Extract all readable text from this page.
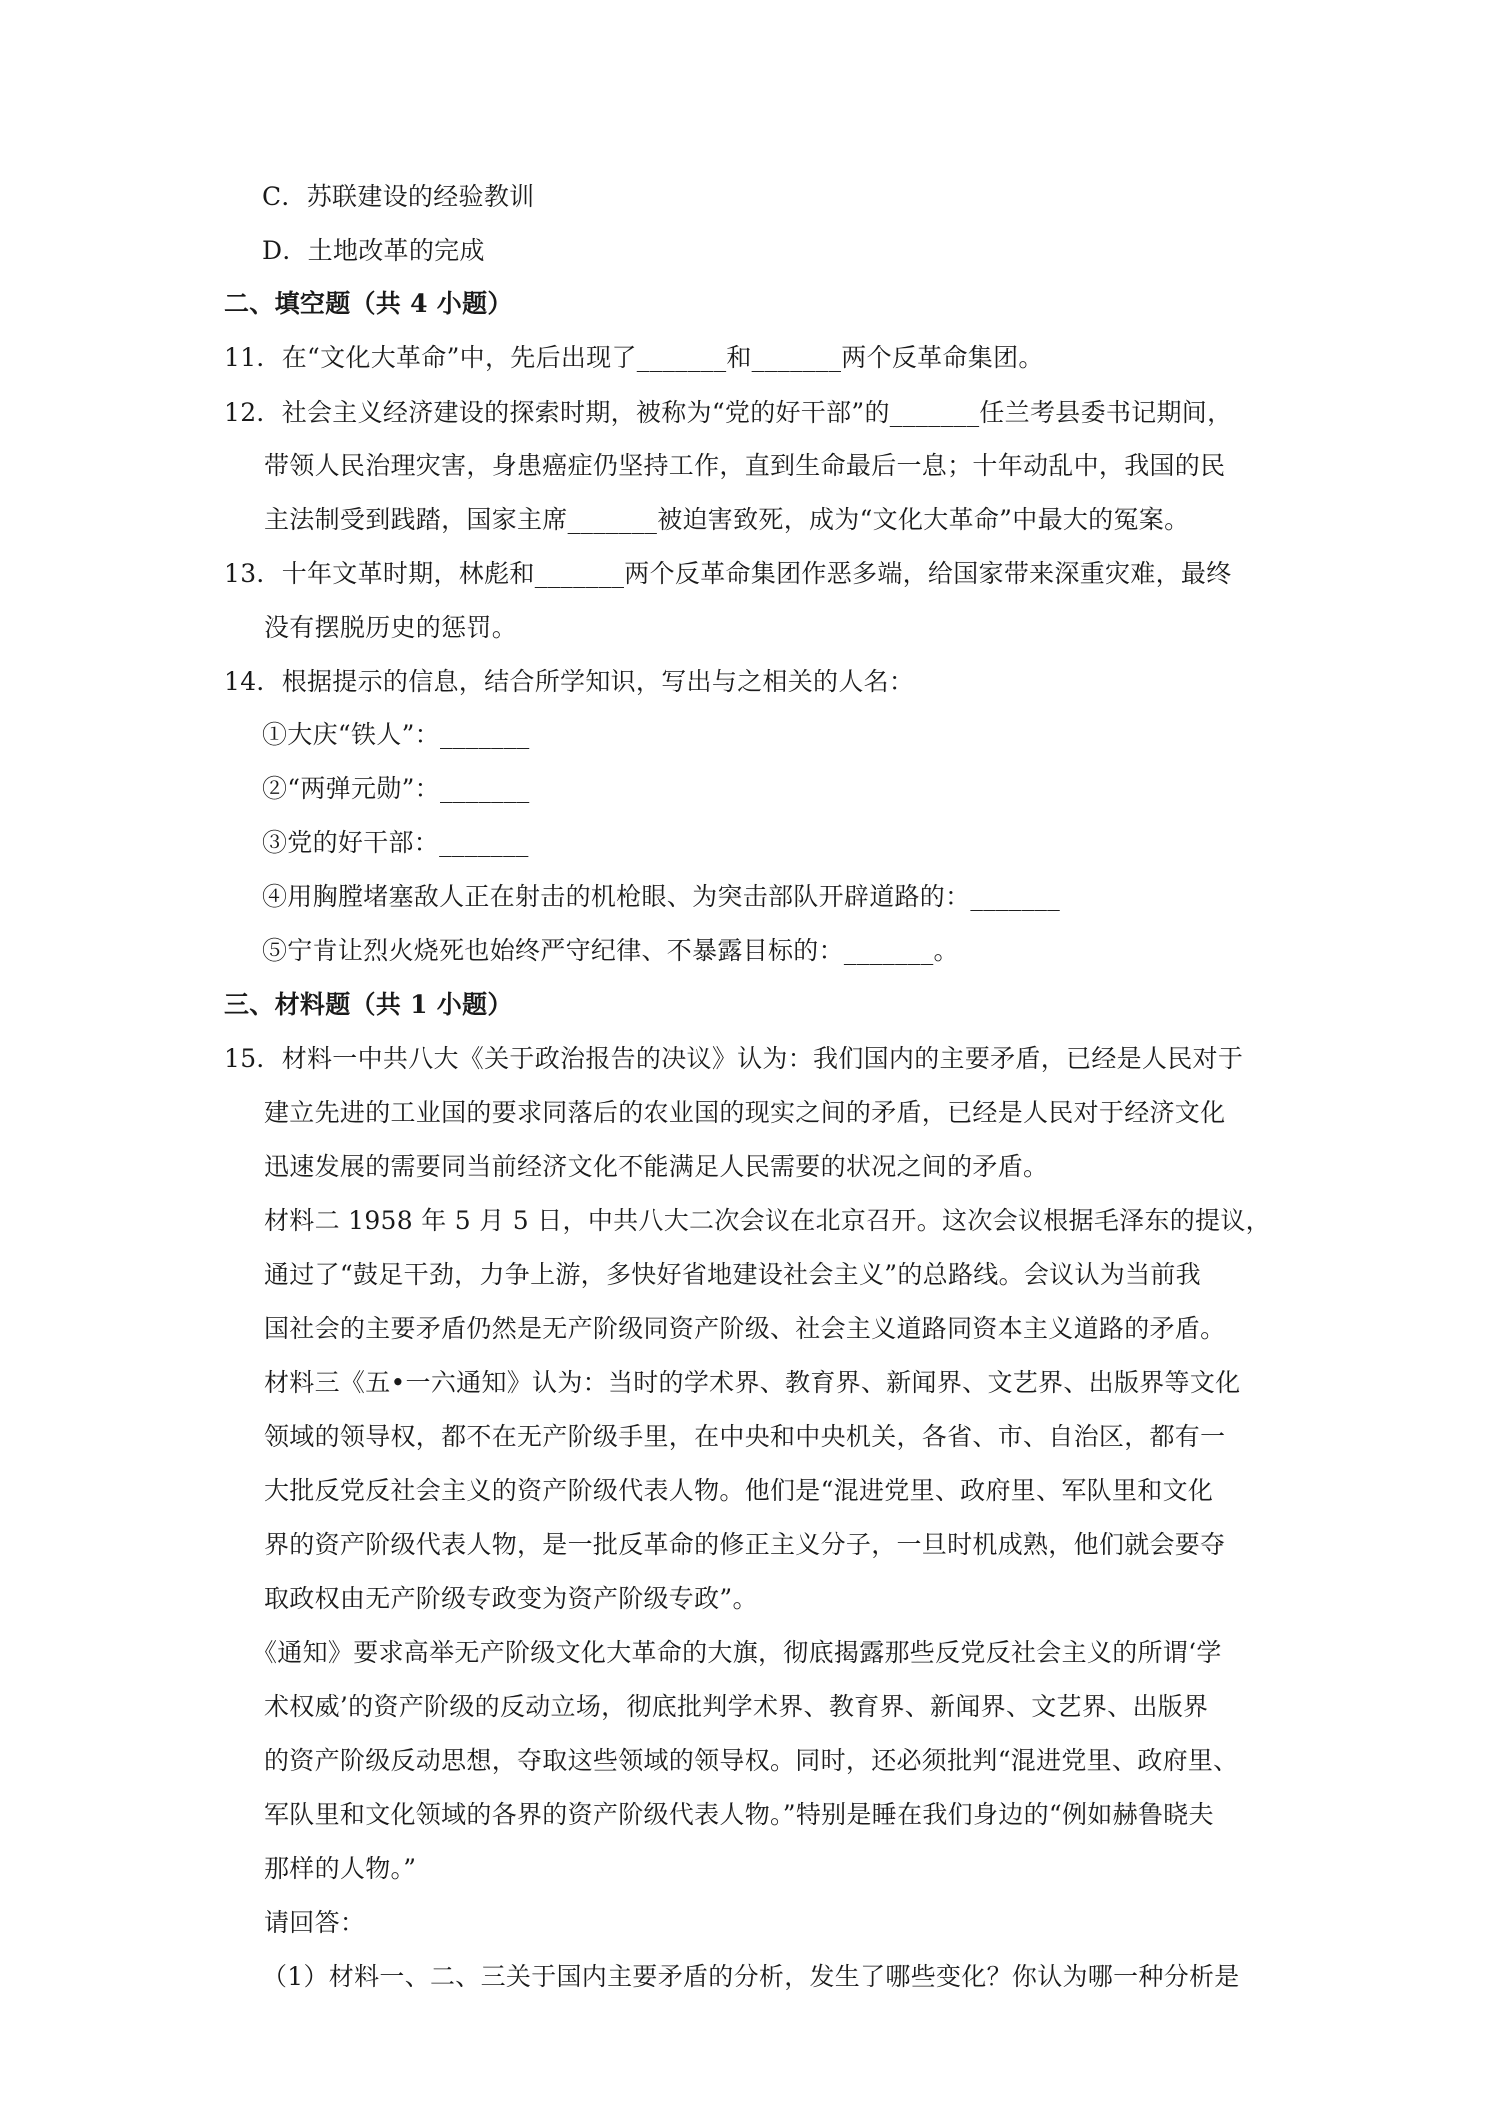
C．苏联建设的经验教训
D．土地改革的完成
二、填空题（共 4 小题）
11．在“文化大革命”中，先后出现了_______和_______两个反革命集团。
12．社会主义经济建设的探索时期，被称为“党的好干部”的_______任兰考县委书记期间，
带领人民治理灾害，身患癌症仍坚持工作，直到生命最后一息；十年动乱中，我国的民
主法制受到践踏，国家主席_______被迫害致死，成为“文化大革命”中最大的冤案。
13．十年文革时期，林彪和_______两个反革命集团作恶多端，给国家带来深重灾难，最终
没有摆脱历史的惩罚。
14．根据提示的信息，结合所学知识，写出与之相关的人名：
①大庆“铁人”：_______
②“两弹元勋”：_______
③党的好干部：_______
④用胸膛堵塞敌人正在射击的机枪眼、为突击部队开辟道路的：_______
⑤宁肯让烈火烧死也始终严守纪律、不暴露目标的：_______。
三、材料题（共 1 小题）
15．材料一中共八大《关于政治报告的决议》认为：我们国内的主要矛盾，已经是人民对于
建立先进的工业国的要求同落后的农业国的现实之间的矛盾，已经是人民对于经济文化
迅速发展的需要同当前经济文化不能满足人民需要的状况之间的矛盾。
材料二 1958 年 5 月 5 日，中共八大二次会议在北京召开。这次会议根据毛泽东的提议，
通过了“鼓足干劲，力争上游，多快好省地建设社会主义”的总路线。会议认为当前我
国社会的主要矛盾仍然是无产阶级同资产阶级、社会主义道路同资本主义道路的矛盾。
材料三《五•一六通知》认为：当时的学术界、教育界、新闻界、文艺界、出版界等文化
领域的领导权，都不在无产阶级手里，在中央和中央机关，各省、市、自治区，都有一
大批反党反社会主义的资产阶级代表人物。他们是“混进党里、政府里、军队里和文化
界的资产阶级代表人物，是一批反革命的修正主义分子，一旦时机成熟，他们就会要夺
取政权由无产阶级专政变为资产阶级专政”。
《通知》要求高举无产阶级文化大革命的大旗，彻底揭露那些反党反社会主义的所谓‘学
术权威’的资产阶级的反动立场，彻底批判学术界、教育界、新闻界、文艺界、出版界
的资产阶级反动思想，夺取这些领域的领导权。同时，还必须批判“混进党里、政府里、
军队里和文化领域的各界的资产阶级代表人物。”特别是睡在我们身边的“例如赫鲁晓夫
那样的人物。”
请回答：
（1）材料一、二、三关于国内主要矛盾的分析，发生了哪些变化？你认为哪一种分析是
